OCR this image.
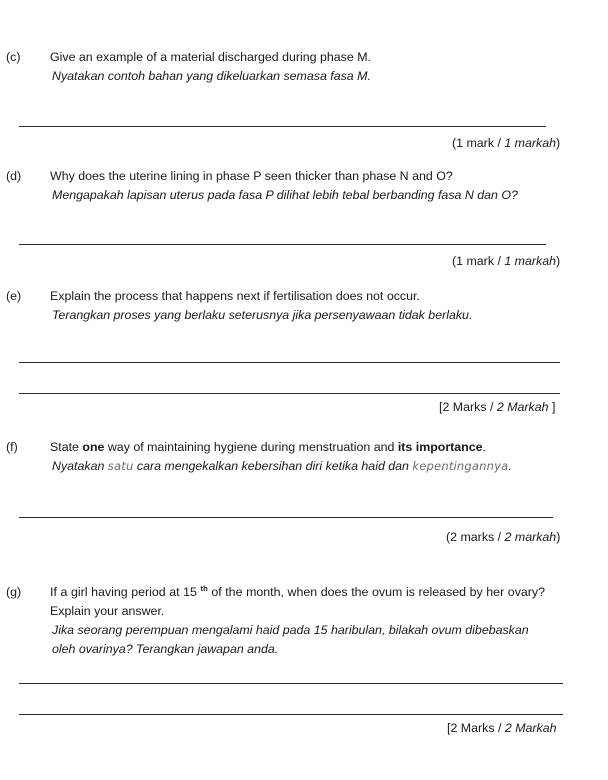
(c) Give an example of a material discharged during phase M.
Nyatakan contoh bahan yang dikeluarkan semasa fasa M.
(1 mark / 1 markah)
(d) Why does the uterine lining in phase P seen thicker than phase N and O?
Mengapakah lapisan uterus pada fasa P dilihat lebih tebal berbanding fasa N dan O?
(1 mark / 1 markah)
(e) Explain the process that happens next if fertilisation does not occur.
Terangkan proses yang berlaku seterusnya jika persenyawaan tidak berlaku.
[2 Marks / 2 Markah ]
(f)	State one way of maintaining hygiene during menstruation and its importance.
Nyatakan satu cara mengekalkan kebersihan diri ketika haid dan kepentingannya.
(2 marks / 2 markah)
(g) If a girl having period at 15 $^{th}$ of the month, when does the ovum is released by her ovary? Explain your answer.
Jika seorang perempuan mengalami haid pada 15 haribulan, bilakah ovum dibebaskan oleh ovarinya? Terangkan jawapan anda.
[2 Marks / 2 Markah
